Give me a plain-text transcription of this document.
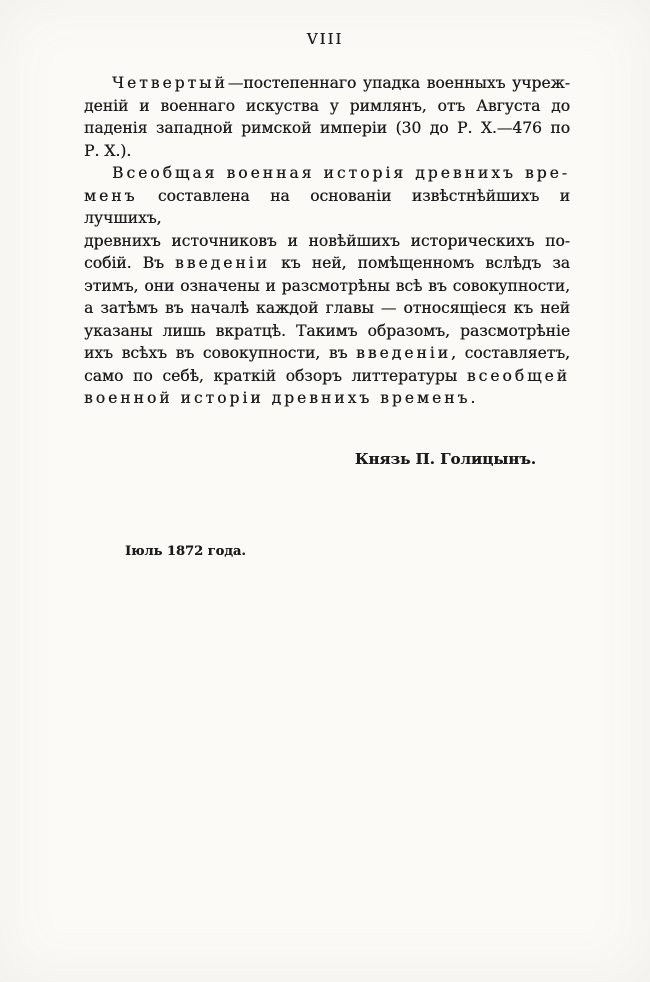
VIII
Четвертый—постепеннаго упадка военныхъ учреж-
деній и военнаго искуства у римлянъ, отъ Августа до
паденія западной римской имперіи (30 до Р. Х.—476 по
Р. Х.).
Всеобщая военная исторія древнихъ вре-
менъ составлена на основаніи извѣстнѣйшихъ и лучшихъ,
древнихъ источниковъ и новѣйшихъ историческихъ по-
собій. Въ введеніи къ ней, помѣщенномъ вслѣдъ за
этимъ, они означены и разсмотрѣны всѣ въ совокупности,
а затѣмъ въ началѣ каждой главы — относящіеся къ ней
указаны лишь вкратцѣ. Такимъ образомъ, разсмотрѣніе
ихъ всѣхъ въ совокупности, въ введеніи, составляетъ,
само по себѣ, краткій обзоръ литтературы всеобщей
военной исторіи древнихъ временъ.
Князь П. Голицынъ.
Іюль 1872 года.
